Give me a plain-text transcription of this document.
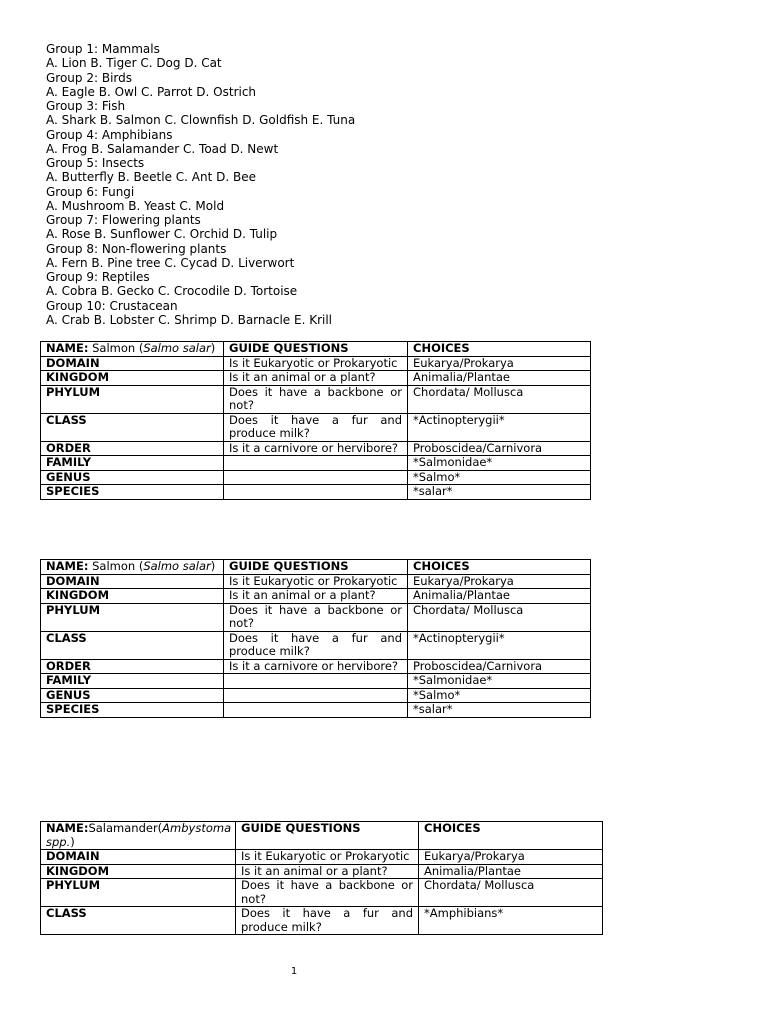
Group 1: Mammals
A. Lion B. Tiger C. Dog D. Cat
Group 2: Birds
A. Eagle B. Owl C. Parrot D. Ostrich
Group 3: Fish
A. Shark B. Salmon C. Clownfish D. Goldfish E. Tuna
Group 4: Amphibians
A. Frog B. Salamander C. Toad D. Newt
Group 5: Insects
A. Butterfly B. Beetle C. Ant D. Bee
Group 6: Fungi
A. Mushroom B. Yeast C. Mold
Group 7: Flowering plants
A. Rose B. Sunflower C. Orchid D. Tulip
Group 8: Non-flowering plants
A. Fern B. Pine tree C. Cycad D. Liverwort
Group 9: Reptiles
A. Cobra B. Gecko C. Crocodile D. Tortoise
Group 10: Crustacean
A. Crab B. Lobster C. Shrimp D. Barnacle E. Krill
NAME: Salmon (Salmo salar)	GUIDE QUESTIONS	CHOICES
DOMAIN	Is it Eukaryotic or Prokaryotic	Eukarya/Prokarya
KINGDOM	Is it an animal or a plant?	Animalia/Plantae
PHYLUM	Does it have a backbone or not?	Chordata/ Mollusca
CLASS	Does it have a fur and produce milk?	*Actinopterygii*
ORDER	Is it a carnivore or hervibore?	Proboscidea/Carnivora
FAMILY		*Salmonidae*
GENUS		*Salmo*
SPECIES		*salar*
NAME: Salmon (Salmo salar)	GUIDE QUESTIONS	CHOICES
DOMAIN	Is it Eukaryotic or Prokaryotic	Eukarya/Prokarya
KINGDOM	Is it an animal or a plant?	Animalia/Plantae
PHYLUM	Does it have a backbone or not?	Chordata/ Mollusca
CLASS	Does it have a fur and produce milk?	*Actinopterygii*
ORDER	Is it a carnivore or hervibore?	Proboscidea/Carnivora
FAMILY		*Salmonidae*
GENUS		*Salmo*
SPECIES		*salar*
NAME:Salamander(Ambystoma spp.)	GUIDE QUESTIONS	CHOICES
DOMAIN	Is it Eukaryotic or Prokaryotic	Eukarya/Prokarya
KINGDOM	Is it an animal or a plant?	Animalia/Plantae
PHYLUM	Does it have a backbone or not?	Chordata/ Mollusca
CLASS	Does it have a fur and produce milk?	*Amphibians*
1
